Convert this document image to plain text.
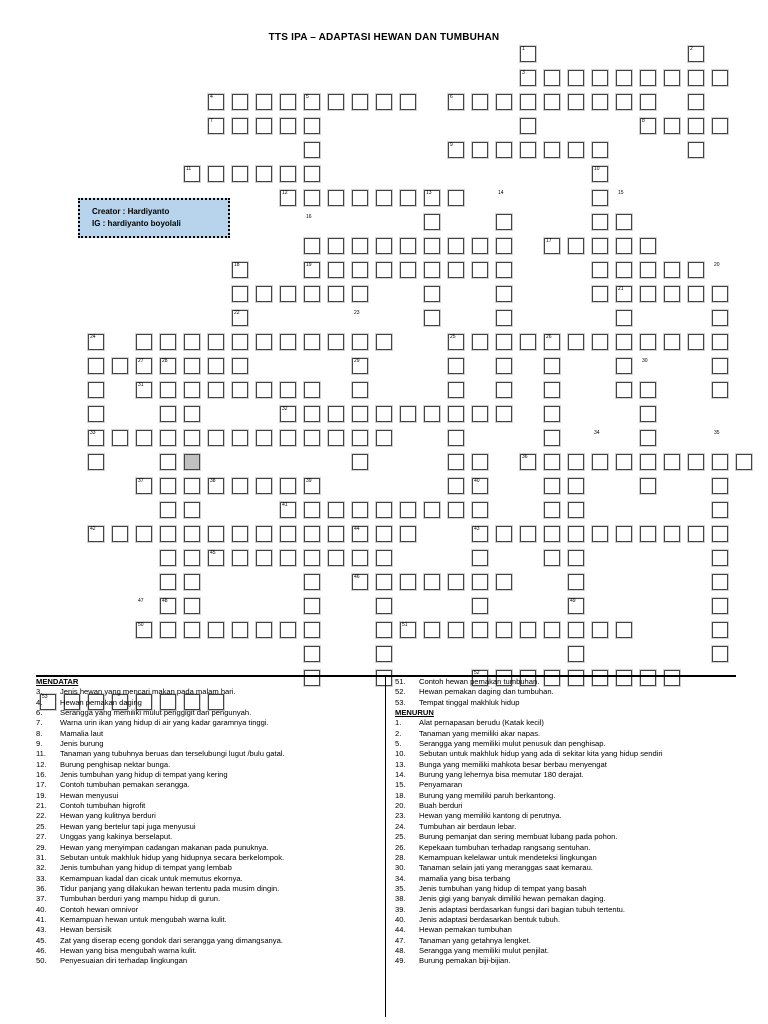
TTS IPA – ADAPTASI HEWAN DAN TUMBUHAN
1	2
3
4	5	6
7	8
9
10
11
12	13	14	15
16
17
18	19	20
21
22	23
24	25	26
27	28	29	30
31
32
33	34	35
36
37	38	39	40
41
42	43
44
45
46
47	48	49
50	51
52
53
Creator : Hardiyanto
IG : hardiyanto boyolali
MENDATAR
3. Jenis hewan yang mencari makan pada malam hari.
4. Hewan pemakan daging
6. Serangga yang memiliki mulut penggigit dan pengunyah.
7. Warna urin ikan yang hidup di air yang kadar garamnya tinggi.
8. Mamalia laut
9. Jenis burung
11. Tanaman yang tubuhnya beruas dan terselubungi lugut /bulu gatal.
12. Burung penghisap nektar bunga.
16. Jenis tumbuhan yang hidup di tempat yang kering
17. Contoh tumbuhan pemakan serangga.
19. Hewan menyusui
21. Contoh tumbuhan higrofit
22. Hewan yang kulitnya berduri
25. Hewan yang bertelur tapi juga menyusui
27. Unggas yang kakinya berselaput.
29. Hewan yang menyimpan cadangan makanan pada punuknya.
31. Sebutan untuk makhluk hidup yang hidupnya secara berkelompok.
32. Jenis tumbuhan yang hidup di tempat yang lembab
33. Kemampuan kadal dan cicak untuk memutus ekornya.
36. Tidur panjang yang dilakukan hewan tertentu pada musim dingin.
37. Tumbuhan berduri yang mampu hidup di gurun.
40. Contoh hewan omnivor
41. Kemampuan hewan untuk mengubah warna kulit.
43. Hewan bersisik
45. Zat yang diserap eceng gondok dari serangga yang dimangsanya.
46. Hewan yang bisa mengubah warna kulit.
50. Penyesuaian diri terhadap lingkungan
51. Contoh hewan pemakan tumbuhan.
52. Hewan pemakan daging dan tumbuhan.
53. Tempat tinggal makhluk hidup
MENURUN
1. Alat pernapasan berudu (Katak kecil)
2. Tanaman yang memiliki akar napas.
5. Serangga yang memiliki mulut penusuk dan penghisap.
10. Sebutan untuk makhluk hidup yang ada di sekitar kita yang hidup sendiri
13. Bunga yang memiliki mahkota besar berbau menyengat
14. Burung yang lehernya bisa memutar 180 derajat.
15. Penyamaran
18. Burung yang memiliki paruh berkantong.
20. Buah berduri
23. Hewan yang memiliki kantong di perutnya.
24. Tumbuhan air berdaun lebar.
25. Burung pemanjat dan sering membuat lubang pada pohon.
26. Kepekaan tumbuhan terhadap rangsang sentuhan.
28. Kemampuan kelelawar untuk mendeteksi lingkungan
30. Tanaman selain jati yang meranggas saat kemarau.
34. mamalia yang bisa terbang
35. Jenis tumbuhan yang hidup di tempat yang basah
38. Jenis gigi yang banyak dimiliki hewan pemakan daging.
39. Jenis adaptasi berdasarkan fungsi dari bagian tubuh tertentu.
40. Jenis adaptasi berdasarkan bentuk tubuh.
44. Hewan pemakan tumbuhan
47. Tanaman yang getahnya lengket.
48. Serangga yang memiliki mulut penjilat.
49. Burung pemakan biji-bijian.
